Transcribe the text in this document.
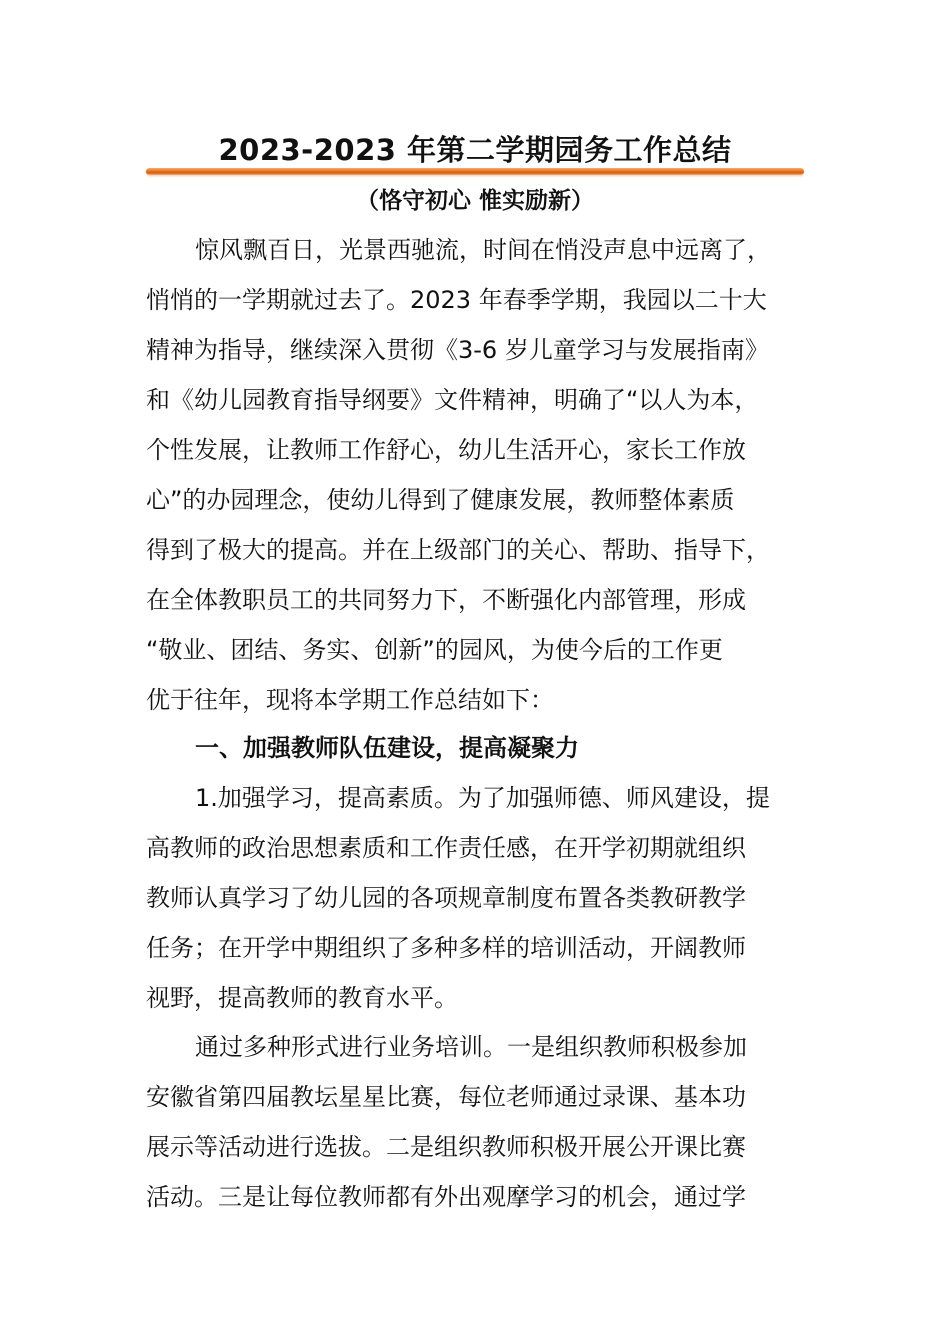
2023-2023 年第二学期园务工作总结
（恪守初心 惟实励新）
惊风飘百日，光景西驰流，时间在悄没声息中远离了，
悄悄的一学期就过去了。2023 年春季学期，我园以二十大
精神为指导，继续深入贯彻《3-6 岁儿童学习与发展指南》
和《幼儿园教育指导纲要》文件精神，明确了“以人为本，
个性发展，让教师工作舒心，幼儿生活开心，家长工作放
心”的办园理念，使幼儿得到了健康发展，教师整体素质
得到了极大的提高。并在上级部门的关心、帮助、指导下，
在全体教职员工的共同努力下，不断强化内部管理，形成
“敬业、团结、务实、创新”的园风，为使今后的工作更
优于往年，现将本学期工作总结如下：
一、加强教师队伍建设，提高凝聚力
1.加强学习，提高素质。为了加强师德、师风建设，提
高教师的政治思想素质和工作责任感，在开学初期就组织
教师认真学习了幼儿园的各项规章制度布置各类教研教学
任务；在开学中期组织了多种多样的培训活动，开阔教师
视野，提高教师的教育水平。
通过多种形式进行业务培训。一是组织教师积极参加
安徽省第四届教坛星星比赛，每位老师通过录课、基本功
展示等活动进行选拔。二是组织教师积极开展公开课比赛
活动。三是让每位教师都有外出观摩学习的机会，通过学
